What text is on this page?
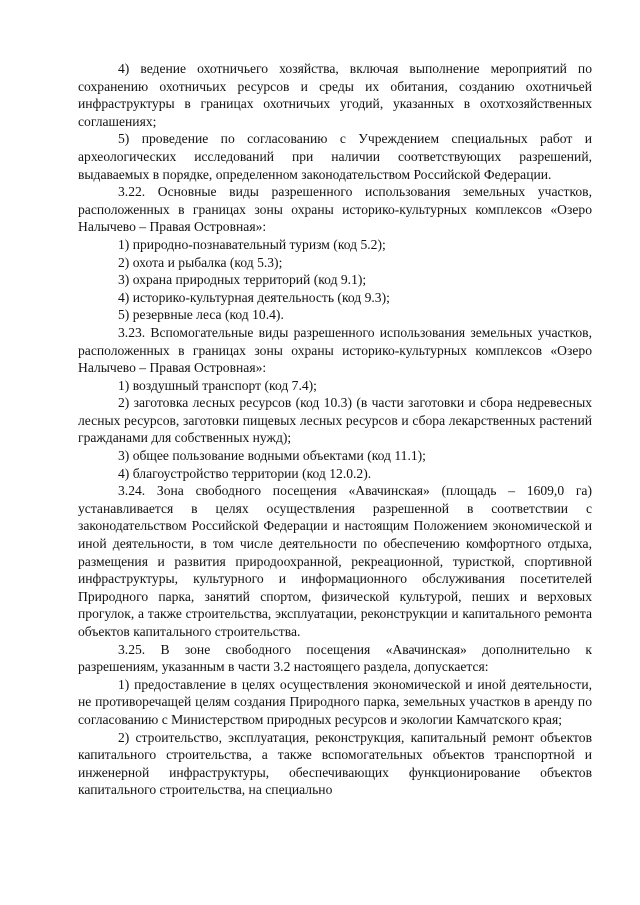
4) ведение охотничьего хозяйства, включая выполнение мероприятий по сохранению охотничьих ресурсов и среды их обитания, созданию охотничьей инфраструктуры в границах охотничьих угодий, указанных в охотхозяйственных соглашениях;

5) проведение по согласованию с Учреждением специальных работ и археологических исследований при наличии соответствующих разрешений, выдаваемых в порядке, определенном законодательством Российской Федерации.

3.22. Основные виды разрешенного использования земельных участков, расположенных в границах зоны охраны историко-культурных комплексов «Озеро Налычево – Правая Островная»:

1) природно-познавательный туризм (код 5.2);

2) охота и рыбалка (код 5.3);

3) охрана природных территорий (код 9.1);

4) историко-культурная деятельность (код 9.3);

5) резервные леса (код 10.4).

3.23. Вспомогательные виды разрешенного использования земельных участков, расположенных в границах зоны охраны историко-культурных комплексов «Озеро Налычево – Правая Островная»:

1) воздушный транспорт (код 7.4);

2) заготовка лесных ресурсов (код 10.3) (в части заготовки и сбора недревесных лесных ресурсов, заготовки пищевых лесных ресурсов и сбора лекарственных растений гражданами для собственных нужд);

3) общее пользование водными объектами (код 11.1);

4) благоустройство территории (код 12.0.2).

3.24. Зона свободного посещения «Авачинская» (площадь – 1609,0 га) устанавливается в целях осуществления разрешенной в соответствии с законодательством Российской Федерации и настоящим Положением экономической и иной деятельности, в том числе деятельности по обеспечению комфортного отдыха, размещения и развития природоохранной, рекреационной, туристкой, спортивной инфраструктуры, культурного и информационного обслуживания посетителей Природного парка, занятий спортом, физической культурой, пеших и верховых прогулок, а также строительства, эксплуатации, реконструкции и капитального ремонта объектов капитального строительства.

3.25. В зоне свободного посещения «Авачинская» дополнительно к разрешениям, указанным в части 3.2 настоящего раздела, допускается:

1) предоставление в целях осуществления экономической и иной деятельности, не противоречащей целям создания Природного парка, земельных участков в аренду по согласованию с Министерством природных ресурсов и экологии Камчатского края;

2) строительство, эксплуатация, реконструкция, капитальный ремонт объектов капитального строительства, а также вспомогательных объектов транспортной и инженерной инфраструктуры, обеспечивающих функционирование объектов капитального строительства, на специально
